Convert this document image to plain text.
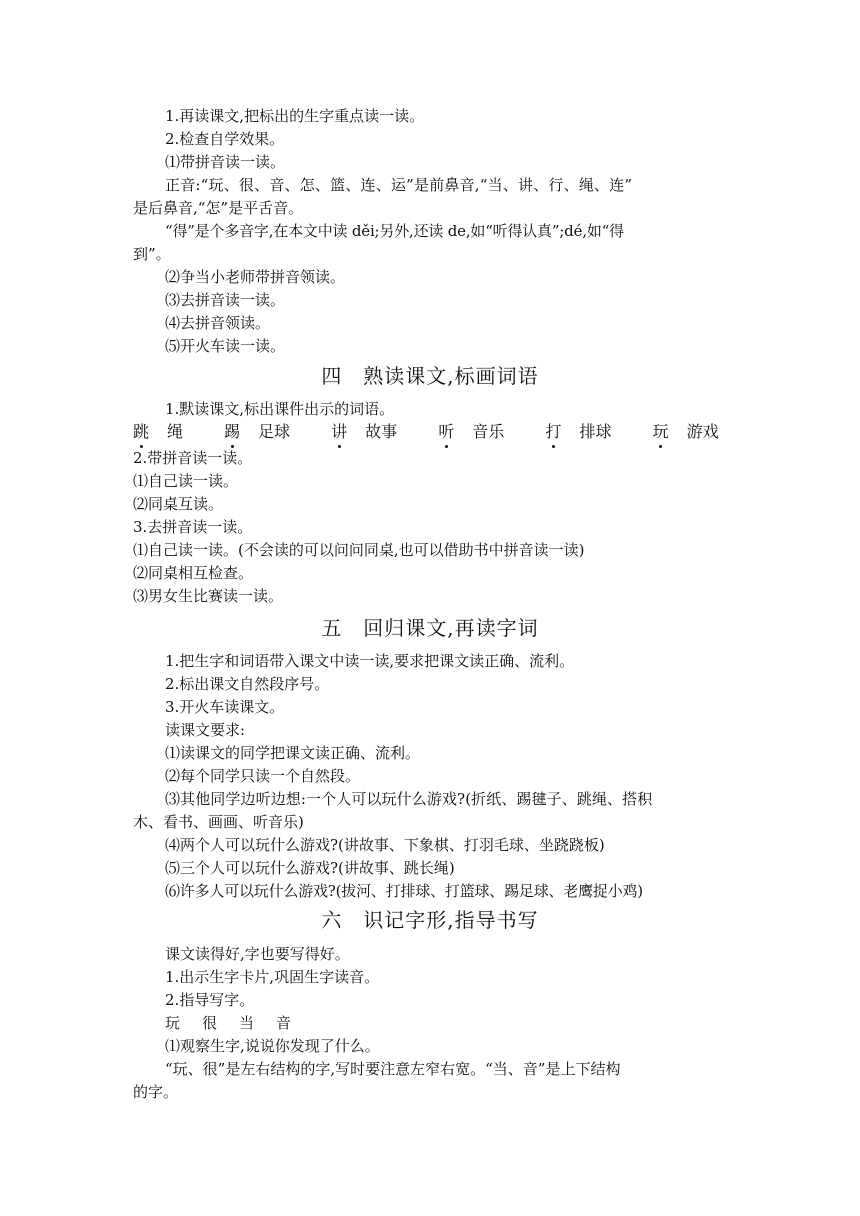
1.再读课文,把标出的生字重点读一读。
2.检查自学效果。
⑴带拼音读一读。
正音:“玩、很、音、怎、篮、连、运”是前鼻音,“当、讲、行、绳、连”
是后鼻音,“怎”是平舌音。
“得”是个多音字,在本文中读 děi;另外,还读 de,如“听得认真”;dé,如“得
到”。
⑵争当小老师带拼音领读。
⑶去拼音读一读。
⑷去拼音领读。
⑸开火车读一读。
四　熟读课文,标画词语
1.默读课文,标出课件出示的词语。
跳 绳	踢 足球	讲 故事	听 音乐	打 排球	玩 游戏
2.带拼音读一读。
⑴自己读一读。
⑵同桌互读。
3.去拼音读一读。
⑴自己读一读。(不会读的可以问问同桌,也可以借助书中拼音读一读)
⑵同桌相互检查。
⑶男女生比赛读一读。
五　回归课文,再读字词
1.把生字和词语带入课文中读一读,要求把课文读正确、流利。
2.标出课文自然段序号。
3.开火车读课文。
读课文要求:
⑴读课文的同学把课文读正确、流利。
⑵每个同学只读一个自然段。
⑶其他同学边听边想:一个人可以玩什么游戏?(折纸、踢毽子、跳绳、搭积
木、看书、画画、听音乐)
⑷两个人可以玩什么游戏?(讲故事、下象棋、打羽毛球、坐跷跷板)
⑸三个人可以玩什么游戏?(讲故事、跳长绳)
⑹许多人可以玩什么游戏?(拔河、打排球、打篮球、踢足球、老鹰捉小鸡)
六　识记字形,指导书写
课文读得好,字也要写得好。
1.出示生字卡片,巩固生字读音。
2.指导写字。
玩 很 当 音
⑴观察生字,说说你发现了什么。
“玩、很”是左右结构的字,写时要注意左窄右宽。“当、音”是上下结构
的字。
